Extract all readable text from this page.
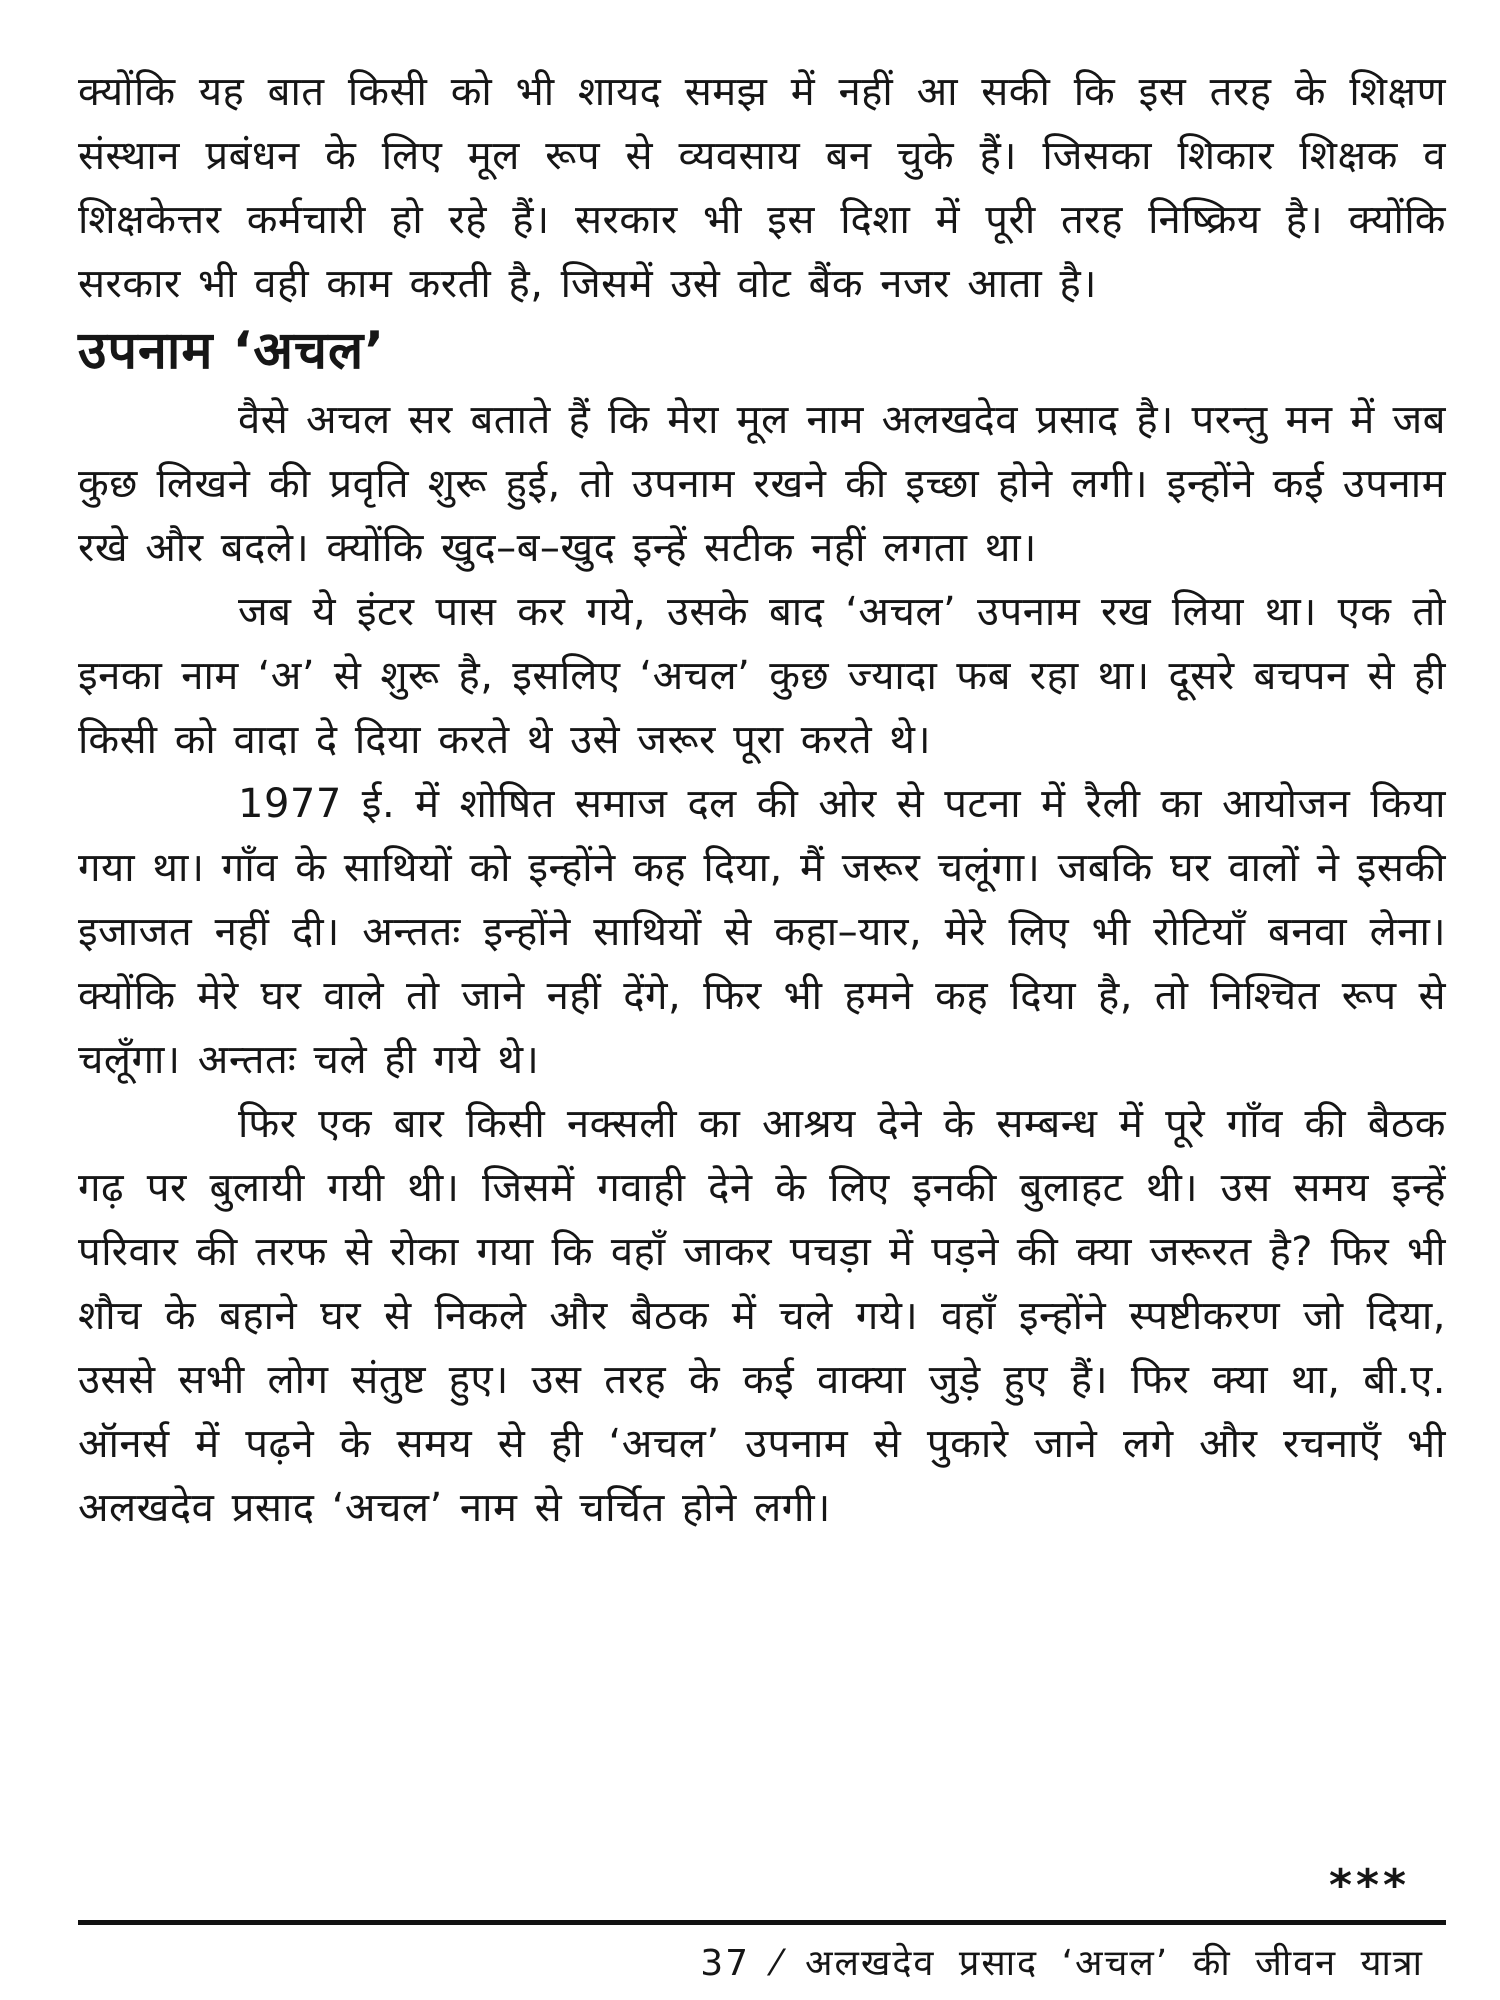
क्योंकि यह बात किसी को भी शायद समझ में नहीं आ सकी कि इस तरह के शिक्षण संस्थान प्रबंधन के लिए मूल रूप से व्यवसाय बन चुके हैं। जिसका शिकार शिक्षक व शिक्षकेत्तर कर्मचारी हो रहे हैं। सरकार भी इस दिशा में पूरी तरह निष्क्रिय है। क्योंकि सरकार भी वही काम करती है, जिसमें उसे वोट बैंक नजर आता है।

उपनाम ‘अचल’

वैसे अचल सर बताते हैं कि मेरा मूल नाम अलखदेव प्रसाद है। परन्तु मन में जब कुछ लिखने की प्रवृति शुरू हुई, तो उपनाम रखने की इच्छा होने लगी। इन्होंने कई उपनाम रखे और बदले। क्योंकि खुद–ब–खुद इन्हें सटीक नहीं लगता था।

जब ये इंटर पास कर गये, उसके बाद ‘अचल’ उपनाम रख लिया था। एक तो इनका नाम ‘अ’ से शुरू है, इसलिए ‘अचल’ कुछ ज्यादा फब रहा था। दूसरे बचपन से ही किसी को वादा दे दिया करते थे उसे जरूर पूरा करते थे।

1977 ई. में शोषित समाज दल की ओर से पटना में रैली का आयोजन किया गया था। गाँव के साथियों को इन्होंने कह दिया, मैं जरूर चलूंगा। जबकि घर वालों ने इसकी इजाजत नहीं दी। अन्ततः इन्होंने साथियों से कहा–यार, मेरे लिए भी रोटियाँ बनवा लेना। क्योंकि मेरे घर वाले तो जाने नहीं देंगे, फिर भी हमने कह दिया है, तो निश्चित रूप से चलूँगा। अन्ततः चले ही गये थे।

फिर एक बार किसी नक्सली का आश्रय देने के सम्बन्ध में पूरे गाँव की बैठक गढ़ पर बुलायी गयी थी। जिसमें गवाही देने के लिए इनकी बुलाहट थी। उस समय इन्हें परिवार की तरफ से रोका गया कि वहाँ जाकर पचड़ा में पड़ने की क्या जरूरत है? फिर भी शौच के बहाने घर से निकले और बैठक में चले गये। वहाँ इन्होंने स्पष्टीकरण जो दिया, उससे सभी लोग संतुष्ट हुए। उस तरह के कई वाक्या जुड़े हुए हैं। फिर क्या था, बी.ए. ऑनर्स में पढ़ने के समय से ही ‘अचल’ उपनाम से पुकारे जाने लगे और रचनाएँ भी अलखदेव प्रसाद ‘अचल’ नाम से चर्चित होने लगी।

***
37 ⁄ अलखदेव प्रसाद ‘अचल’ की जीवन यात्रा
